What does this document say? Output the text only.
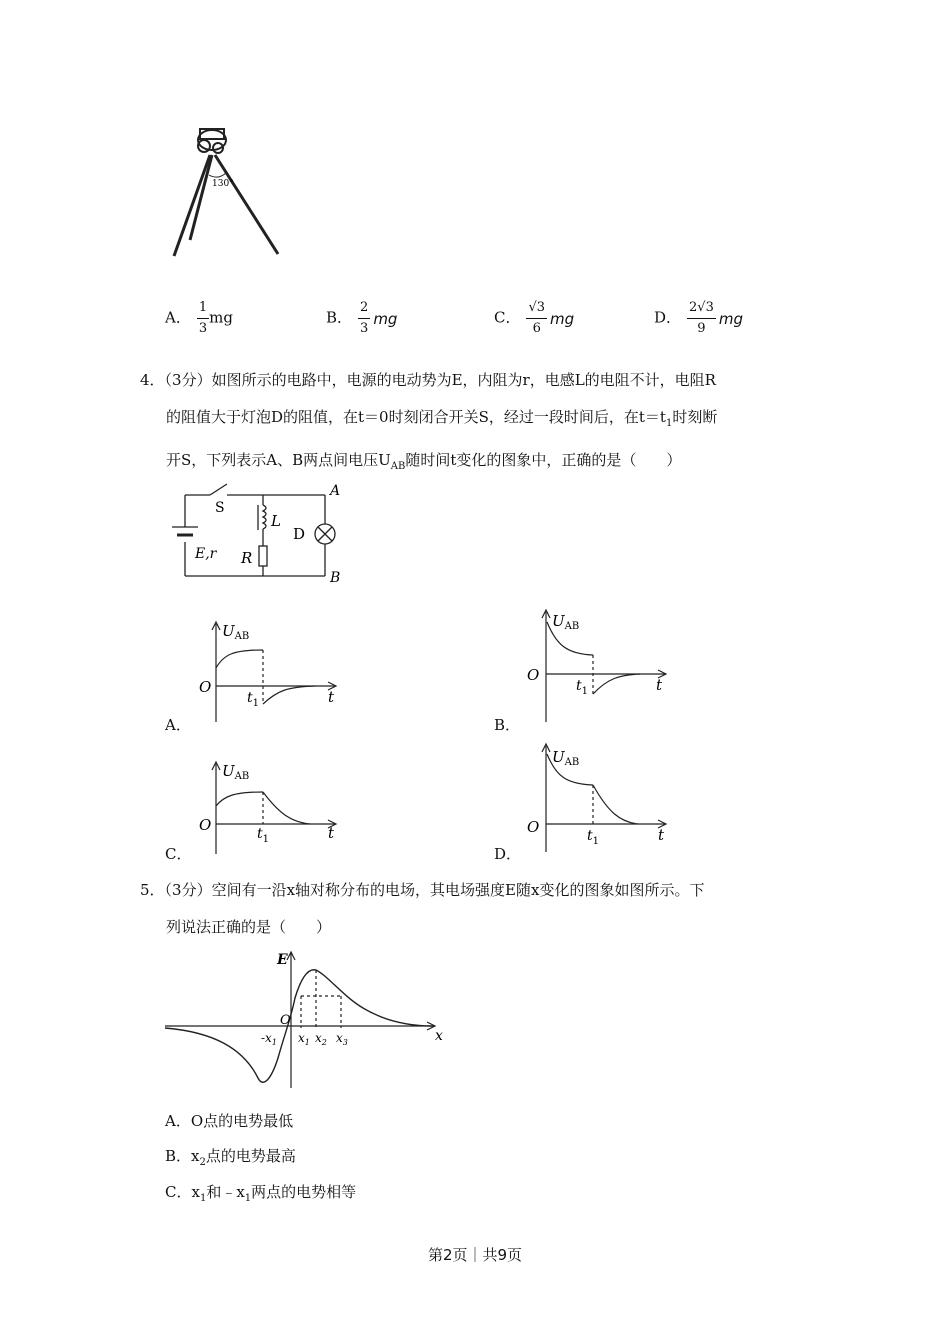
130°
A． $\frac{1}{3}$ mg	B． $\frac{2}{3}$ mg	C． $\frac{√3}{6}$ mg	D． $\frac{2√3}{9}$ mg
4．（3分）如图所示的电路中，电源的电动势为E，内阻为r，电感L的电阻不计，电阻R
的阻值大于灯泡D的阻值，在t＝0时刻闭合开关S，经过一段时间后，在$t=t_1$时刻断
开S，下列表示A、B两点间电压$U_{AB}$随时间t变化的图象中，正确的是（　　）
S
L
R
D
A
B
E,r
$U_{AB}$
O
t
$t_1$
A．
$U_{AB}$
O
t
$t_1$
B．
$U_{AB}$
O	t
$t_1$
C．
$U_{AB}$
O	t
$t_1$
D．
5．（3分）空间有一沿x轴对称分布的电场，其电场强度E随x变化的图象如图所示。下
列说法正确的是（　　）
E
O
x
$-x_1$ $x_1$ $x_2$ $x_3$
A．O点的电势最低
B．$x_2$点的电势最高
C．$x_1$和$﹣x_1$两点的电势相等
第2页｜共9页
